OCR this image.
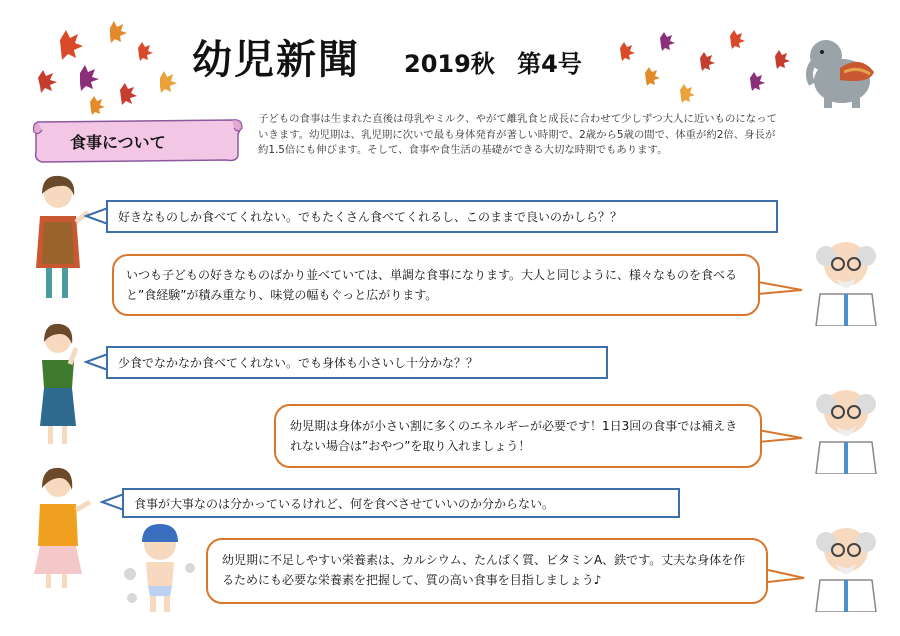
幼児新聞 2019秋 第4号
食事について
子どもの食事は生まれた直後は母乳やミルク、やがて離乳食と成長に合わせて少しずつ大人に近いものになっていきます。幼児期は、乳児期に次いで最も身体発育が著しい時期で、2歳から5歳の間で、体重が約2倍、身長が約1.5倍にも伸びます。そして、食事や食生活の基礎ができる大切な時期でもあります。
好きなものしか食べてくれない。でもたくさん食べてくれるし、このままで良いのかしら？？
いつも子どもの好きなものばかり並べていては、単調な食事になります。大人と同じように、様々なものを食べると”食経験”が積み重なり、味覚の幅もぐっと広がります。
少食でなかなか食べてくれない。でも身体も小さいし十分かな？？
幼児期は身体が小さい割に多くのエネルギーが必要です！1日3回の食事では補えきれない場合は”おやつ”を取り入れましょう！
食事が大事なのは分かっているけれど、何を食べさせていいのか分からない。
幼児期に不足しやすい栄養素は、カルシウム、たんぱく質、ビタミンA、鉄です。丈夫な身体を作るためにも必要な栄養素を把握して、質の高い食事を目指しましょう♪
